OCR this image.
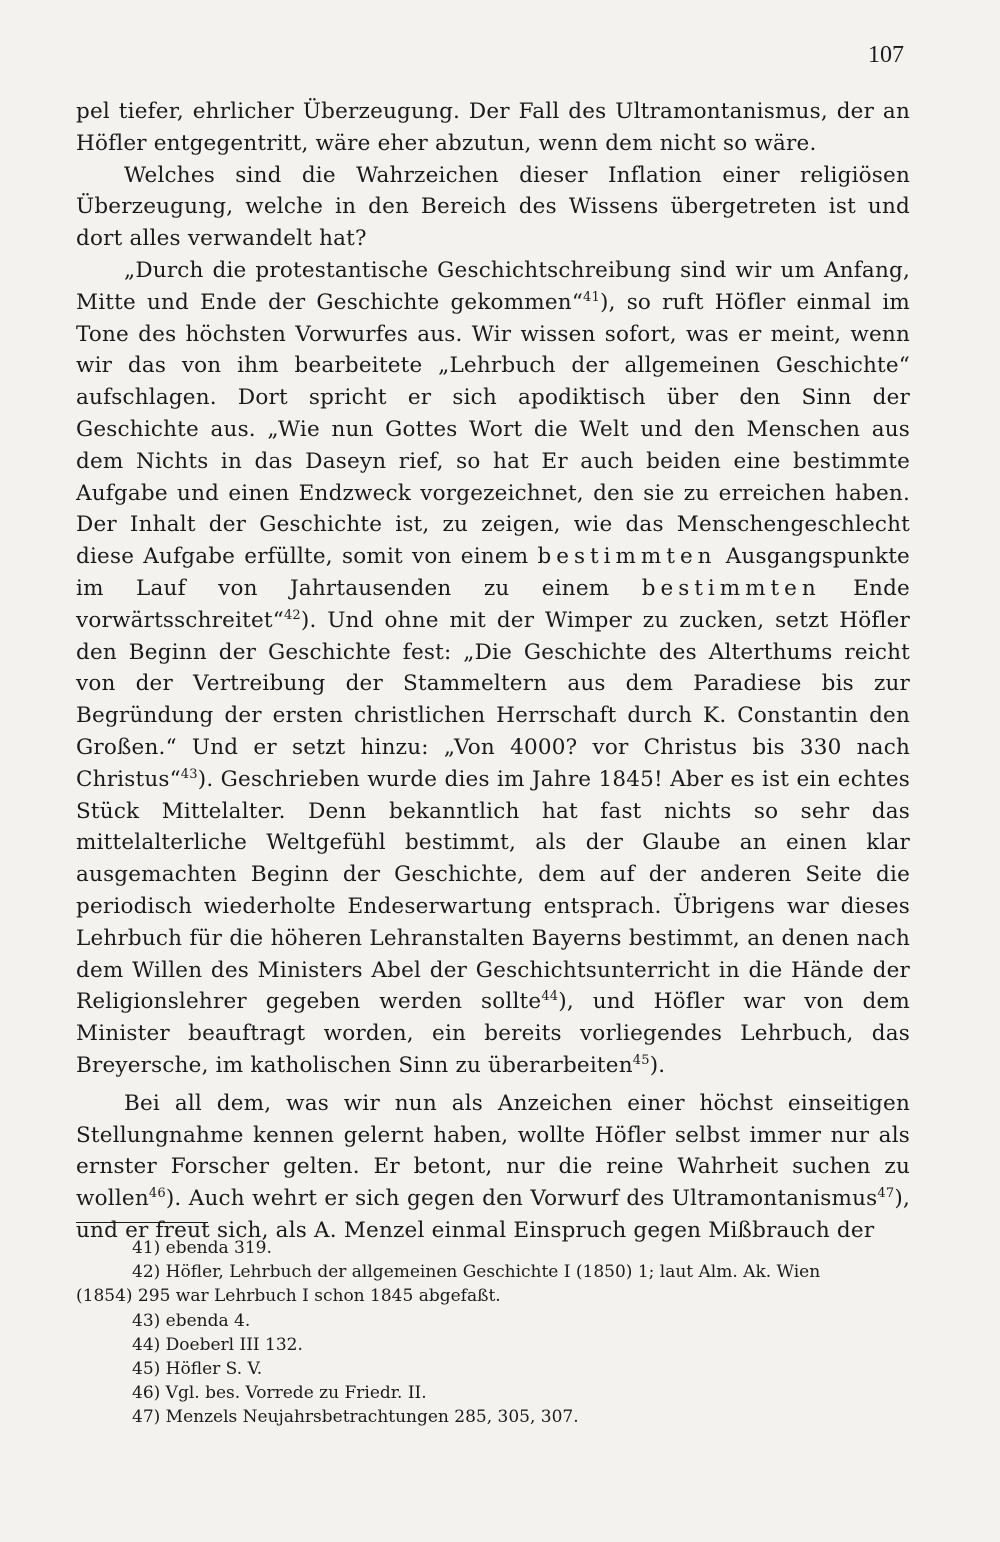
107

pel tiefer, ehrlicher Überzeugung. Der Fall des Ultramontanismus, der an Höfler entgegentritt, wäre eher abzutun, wenn dem nicht so wäre.

Welches sind die Wahrzeichen dieser Inflation einer religiösen Überzeugung, welche in den Bereich des Wissens übergetreten ist und dort alles verwandelt hat?

„Durch die protestantische Geschichtschreibung sind wir um Anfang, Mitte und Ende der Geschichte gekommen“$^{41}$), so ruft Höfler einmal im Tone des höchsten Vorwurfes aus. Wir wissen sofort, was er meint, wenn wir das von ihm bearbeitete „Lehrbuch der allgemeinen Geschichte“ aufschlagen. Dort spricht er sich apodiktisch über den Sinn der Geschichte aus. „Wie nun Gottes Wort die Welt und den Menschen aus dem Nichts in das Daseyn rief, so hat Er auch beiden eine bestimmte Aufgabe und einen Endzweck vorgezeichnet, den sie zu erreichen haben. Der Inhalt der Geschichte ist, zu zeigen, wie das Menschengeschlecht diese Aufgabe erfüllte, somit von einem bestimmten Ausgangspunkte im Lauf von Jahrtausenden zu einem bestimmten Ende vorwärtsschreitet“$^{42}$). Und ohne mit der Wimper zu zucken, setzt Höfler den Beginn der Geschichte fest: „Die Geschichte des Alterthums reicht von der Vertreibung der Stammeltern aus dem Paradiese bis zur Begründung der ersten christlichen Herrschaft durch K. Constantin den Großen.“ Und er setzt hinzu: „Von 4000? vor Christus bis 330 nach Christus“$^{43}$). Geschrieben wurde dies im Jahre 1845! Aber es ist ein echtes Stück Mittelalter. Denn bekanntlich hat fast nichts so sehr das mittelalterliche Weltgefühl bestimmt, als der Glaube an einen klar ausgemachten Beginn der Geschichte, dem auf der anderen Seite die periodisch wiederholte Endeserwartung entsprach. Übrigens war dieses Lehrbuch für die höheren Lehranstalten Bayerns bestimmt, an denen nach dem Willen des Ministers Abel der Geschichtsunterricht in die Hände der Religionslehrer gegeben werden sollte$^{44}$), und Höfler war von dem Minister beauftragt worden, ein bereits vorliegendes Lehrbuch, das Breyersche, im katholischen Sinn zu überarbeiten$^{45}$).

Bei all dem, was wir nun als Anzeichen einer höchst einseitigen Stellungnahme kennen gelernt haben, wollte Höfler selbst immer nur als ernster Forscher gelten. Er betont, nur die reine Wahrheit suchen zu wollen$^{46}$). Auch wehrt er sich gegen den Vorwurf des Ultramontanismus$^{47}$), und er freut sich, als A. Menzel einmal Einspruch gegen Mißbrauch der

41) ebenda 319.

42) Höfler, Lehrbuch der allgemeinen Geschichte I (1850) 1; laut Alm. Ak. Wien

(1854) 295 war Lehrbuch I schon 1845 abgefaßt.

43) ebenda 4.

44) Doeberl III 132.

45) Höfler S. V.

46) Vgl. bes. Vorrede zu Friedr. II.

47) Menzels Neujahrsbetrachtungen 285, 305, 307.
